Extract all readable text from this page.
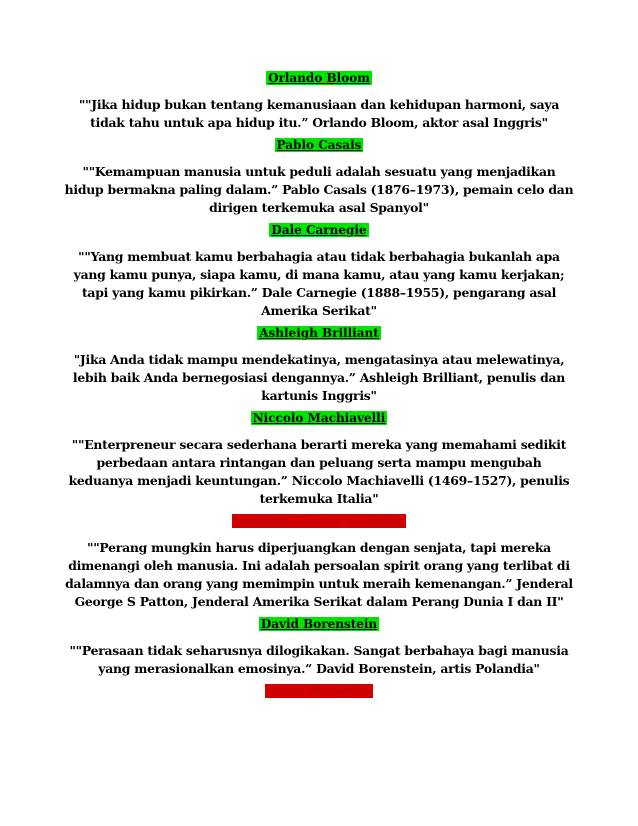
Orlando Bloom

""Jika hidup bukan tentang kemanusiaan dan kehidupan harmoni, saya tidak tahu untuk apa hidup itu.” Orlando Bloom, aktor asal Inggris"

Pablo Casals

""Kemampuan manusia untuk peduli adalah sesuatu yang menjadikan hidup bermakna paling dalam.” Pablo Casals (1876–1973), pemain celo dan dirigen terkemuka asal Spanyol"

Dale Carnegie

""Yang membuat kamu berbahagia atau tidak berbahagia bukanlah apa yang kamu punya, siapa kamu, di mana kamu, atau yang kamu kerjakan; tapi yang kamu pikirkan.” Dale Carnegie (1888–1955), pengarang asal Amerika Serikat"

Ashleigh Brilliant

"Jika Anda tidak mampu mendekatinya, mengatasinya atau melewatinya, lebih baik Anda bernegosiasi dengannya.” Ashleigh Brilliant, penulis dan kartunis Inggris"

Niccolo Machiavelli

""Enterpreneur secara sederhana berarti mereka yang memahami sedikit perbedaan antara rintangan dan peluang serta mampu mengubah keduanya menjadi keuntungan.” Niccolo Machiavelli (1469–1527), penulis terkemuka Italia"

Jenderal George S Patton

""Perang mungkin harus diperjuangkan dengan senjata, tapi mereka dimenangi oleh manusia. Ini adalah persoalan spirit orang yang terlibat di dalamnya dan orang yang memimpin untuk meraih kemenangan.” Jenderal George S Patton, Jenderal Amerika Serikat dalam Perang Dunia I dan II"

David Borenstein

""Perasaan tidak seharusnya dilogikakan. Sangat berbahaya bagi manusia yang merasionalkan emosinya.” David Borenstein, artis Polandia"

Owen Meredith
